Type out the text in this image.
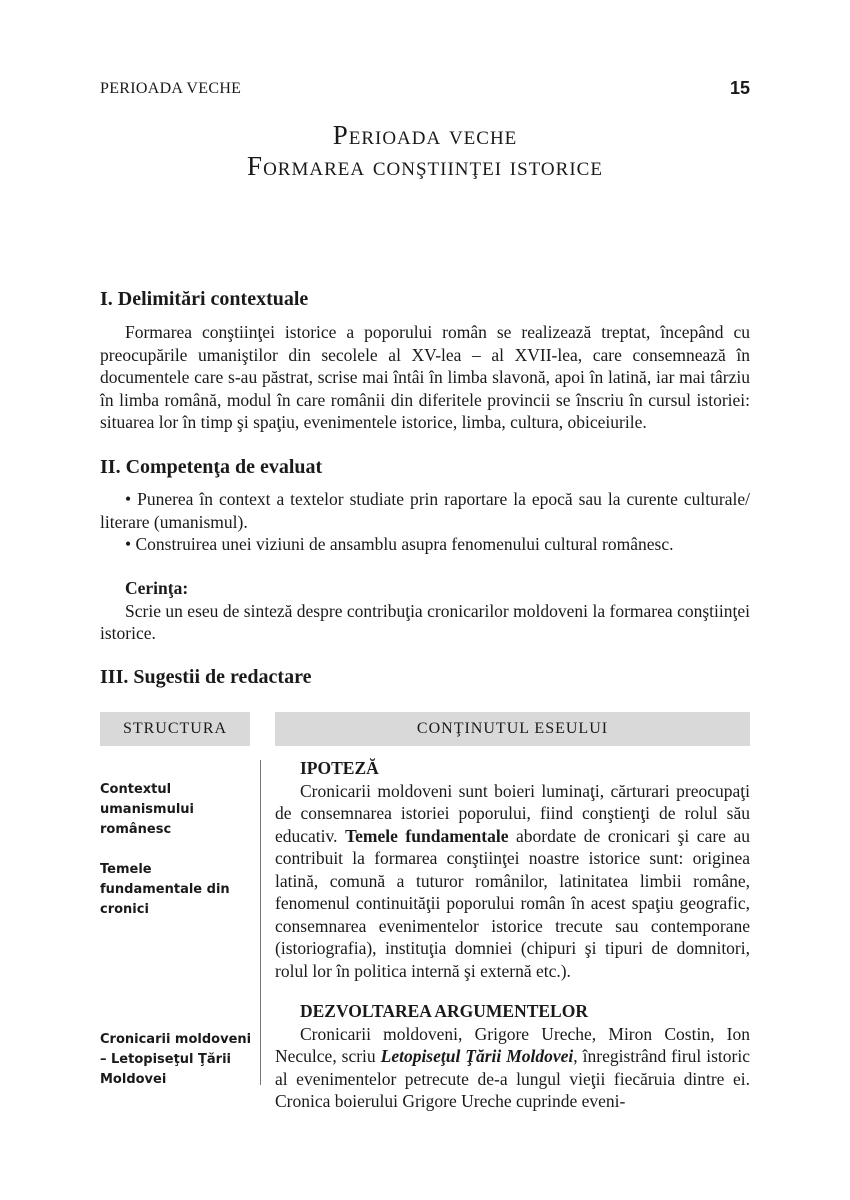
PERIOADA VECHE	15
Perioada veche
Formarea conştiinţei istorice
I. Delimitări contextuale

Formarea conştiinţei istorice a poporului român se realizează treptat, începând cu preocupările umaniştilor din secolele al XV-lea – al XVII-lea, care consemnează în documentele care s-au păstrat, scrise mai întâi în limba slavonă, apoi în latină, iar mai târziu în limba română, modul în care românii din diferitele provincii se înscriu în cursul istoriei: situarea lor în timp şi spaţiu, evenimentele istorice, limba, cultura, obiceiurile.

II. Competenţa de evaluat

• Punerea în context a textelor studiate prin raportare la epocă sau la curente culturale/ literare (umanismul).

• Construirea unei viziuni de ansamblu asupra fenomenului cultural românesc.

Cerinţa:

Scrie un eseu de sinteză despre contribuţia cronicarilor moldoveni la formarea conştiinţei istorice.

III. Sugestii de redactare
STRUCTURA	CONŢINUTUL ESEULUI
Contextul umanismului românesc
Temele fundamentale din cronici
Cronicarii moldoveni – Letopiseţul Ţării Moldovei

IPOTEZĂ

Cronicarii moldoveni sunt boieri luminaţi, cărturari preocupaţi de consemnarea istoriei poporului, fiind conştienţi de rolul său educativ. Temele fundamentale abordate de cronicari şi care au contribuit la formarea conştiinţei noastre istorice sunt: originea latină, comună a tuturor românilor, latinitatea limbii române, fenomenul continuităţii poporului român în acest spaţiu geografic, consemnarea evenimentelor istorice trecute sau contemporane (istoriografia), instituţia domniei (chipuri şi tipuri de domnitori, rolul lor în politica internă şi externă etc.).

DEZVOLTAREA ARGUMENTELOR

Cronicarii moldoveni, Grigore Ureche, Miron Costin, Ion Neculce, scriu Letopiseţul Ţării Moldovei, înregistrând firul istoric al evenimentelor petrecute de-a lungul vieţii fiecăruia dintre ei. Cronica boierului Grigore Ureche cuprinde eveni-
